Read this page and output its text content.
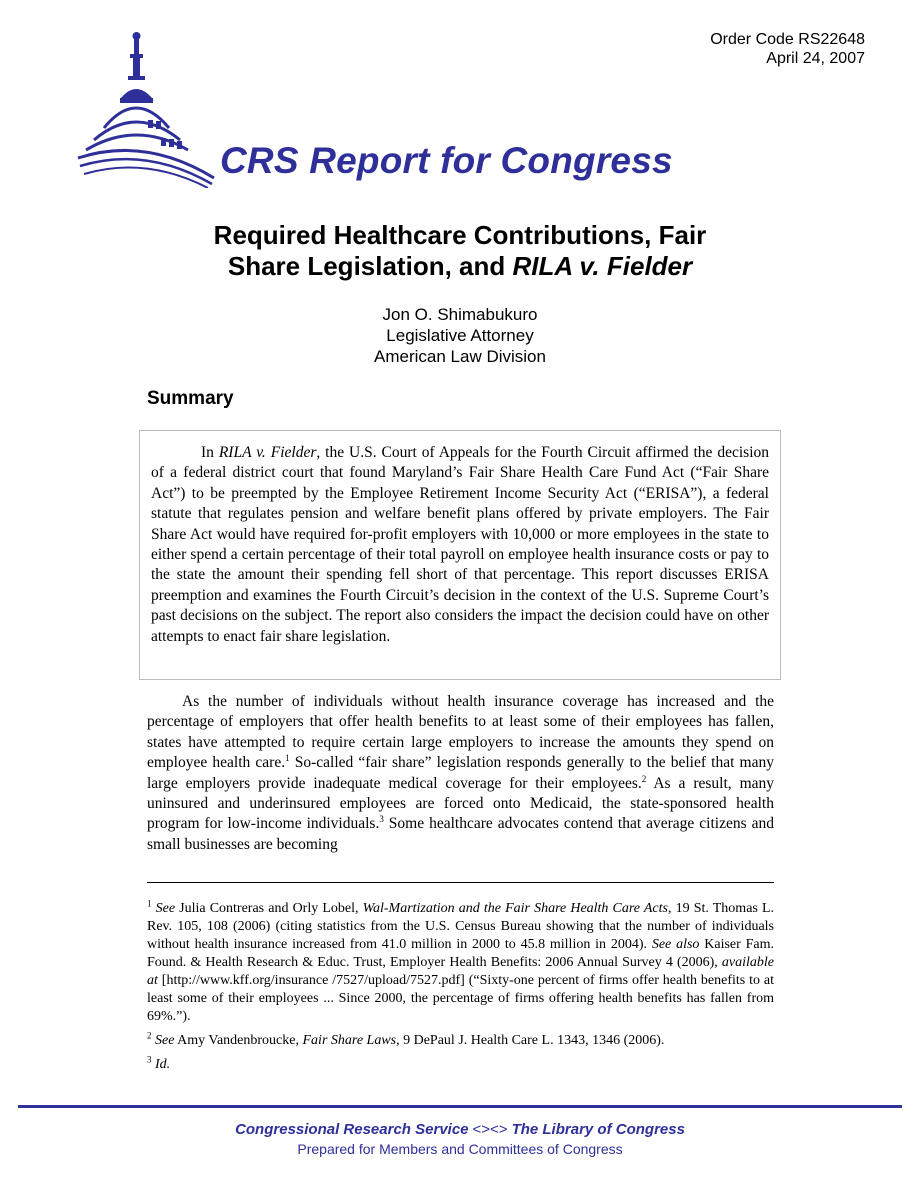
Order Code RS22648
April 24, 2007
CRS Report for Congress
Required Healthcare Contributions, Fair
Share Legislation, and RILA v. Fielder
Jon O. Shimabukuro
Legislative Attorney
American Law Division
Summary

In RILA v. Fielder, the U.S. Court of Appeals for the Fourth Circuit affirmed the decision of a federal district court that found Maryland’s Fair Share Health Care Fund Act (“Fair Share Act”) to be preempted by the Employee Retirement Income Security Act (“ERISA”), a federal statute that regulates pension and welfare benefit plans offered by private employers. The Fair Share Act would have required for-profit employers with 10,000 or more employees in the state to either spend a certain percentage of their total payroll on employee health insurance costs or pay to the state the amount their spending fell short of that percentage. This report discusses ERISA preemption and examines the Fourth Circuit’s decision in the context of the U.S. Supreme Court’s past decisions on the subject. The report also considers the impact the decision could have on other attempts to enact fair share legislation.

As the number of individuals without health insurance coverage has increased and the percentage of employers that offer health benefits to at least some of their employees has fallen, states have attempted to require certain large employers to increase the amounts they spend on employee health care.$^1$ So-called “fair share” legislation responds generally to the belief that many large employers provide inadequate medical coverage for their employees.$^2$ As a result, many uninsured and underinsured employees are forced onto Medicaid, the state-sponsored health program for low-income individuals.$^3$ Some healthcare advocates contend that average citizens and small businesses are becoming

$^1$ See Julia Contreras and Orly Lobel, Wal-Martization and the Fair Share Health Care Acts, 19 St. Thomas L. Rev. 105, 108 (2006) (citing statistics from the U.S. Census Bureau showing that the number of individuals without health insurance increased from 41.0 million in 2000 to 45.8 million in 2004). See also Kaiser Fam. Found. & Health Research & Educ. Trust, Employer Health Benefits: 2006 Annual Survey 4 (2006), available at [http://www.kff.org/insurance /7527/upload/7527.pdf] (“Sixty-one percent of firms offer health benefits to at least some of their employees ... Since 2000, the percentage of firms offering health benefits has fallen from 69%.”).

$^2$ See Amy Vandenbroucke, Fair Share Laws, 9 DePaul J. Health Care L. 1343, 1346 (2006).

$^3$ Id.

Congressional Research Service <><> The Library of Congress
Prepared for Members and Committees of Congress
